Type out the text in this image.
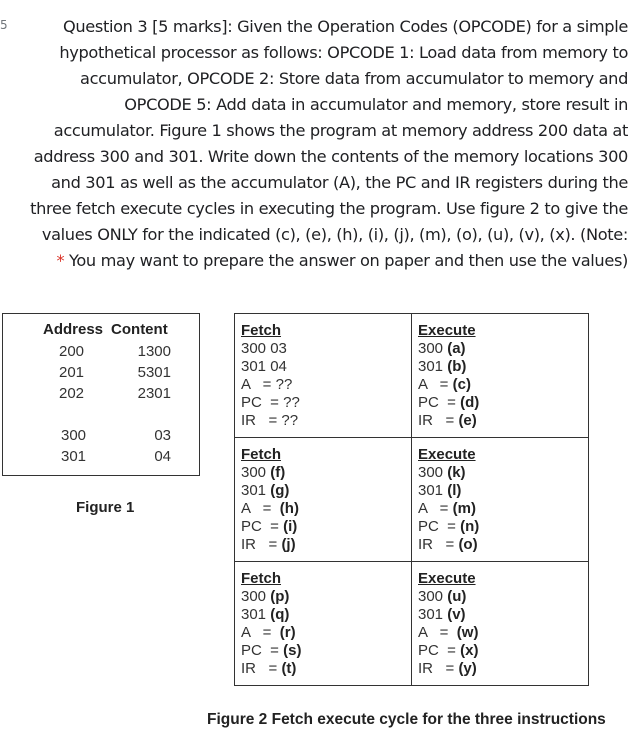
5	Question 3 [5 marks]: Given the Operation Codes (OPCODE) for a simple
hypothetical processor as follows: OPCODE 1: Load data from memory to
accumulator, OPCODE 2: Store data from accumulator to memory and
OPCODE 5: Add data in accumulator and memory, store result in
accumulator. Figure 1 shows the program at memory address 200 data at
address 300 and 301. Write down the contents of the memory locations 300
and 301 as well as the accumulator (A), the PC and IR registers during the
three fetch execute cycles in executing the program. Use figure 2 to give the
values ONLY for the indicated (c), (e), (h), (i), (j), (m), (o), (u), (v), (x). (Note:
* You may want to prepare the answer on paper and then use the values)
Address Content
200	1300
201	5301
202	2301
300	03
301	04
Figure 1
Fetch
300 03
301 04
A   = ??
PC  = ??
IR   = ??

Execute
300 (a)
301 (b)
A   = (c)
PC  = (d)
IR   = (e)

Fetch
300 (f)
301 (g)
A   =  (h)
PC  = (i)
IR   = (j)

Execute
300 (k)
301 (l)
A   = (m)
PC  = (n)
IR   = (o)

Fetch
300 (p)
301 (q)
A   =  (r)
PC  = (s)
IR   = (t)

Execute
300 (u)
301 (v)
A   =  (w)
PC  = (x)
IR   = (y)
Figure 2 Fetch execute cycle for the three instructions
